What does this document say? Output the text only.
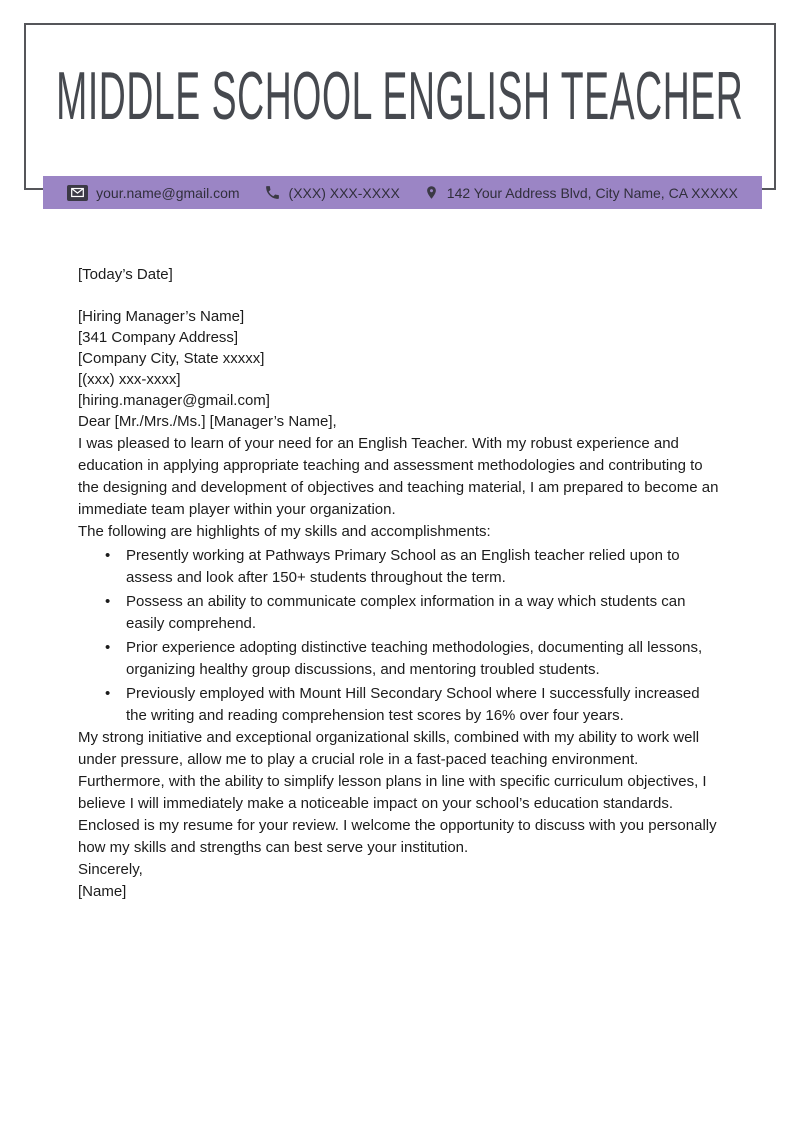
MIDDLE SCHOOL ENGLISH TEACHER
your.name@gmail.com	(XXX) XXX-XXXX	142 Your Address Blvd, City Name, CA XXXXX

[Today’s Date]

[Hiring Manager’s Name]

[341 Company Address]

[Company City, State xxxxx]

[(xxx) xxx-xxxx]

[hiring.manager@gmail.com]

Dear [Mr./Mrs./Ms.] [Manager’s Name],

I was pleased to learn of your need for an English Teacher. With my robust experience and education in applying appropriate teaching and assessment methodologies and contributing to the designing and development of objectives and teaching material, I am prepared to become an immediate team player within your organization.

The following are highlights of my skills and accomplishments:

• Presently working at Pathways Primary School as an English teacher relied upon to assess and look after 150+ students throughout the term.
• Possess an ability to communicate complex information in a way which students can easily comprehend.
• Prior experience adopting distinctive teaching methodologies, documenting all lessons, organizing healthy group discussions, and mentoring troubled students.
• Previously employed with Mount Hill Secondary School where I successfully increased the writing and reading comprehension test scores by 16% over four years.

My strong initiative and exceptional organizational skills, combined with my ability to work well under pressure, allow me to play a crucial role in a fast-paced teaching environment. Furthermore, with the ability to simplify lesson plans in line with specific curriculum objectives, I believe I will immediately make a noticeable impact on your school’s education standards.

Enclosed is my resume for your review. I welcome the opportunity to discuss with you personally how my skills and strengths can best serve your institution.

Sincerely,

[Name]
